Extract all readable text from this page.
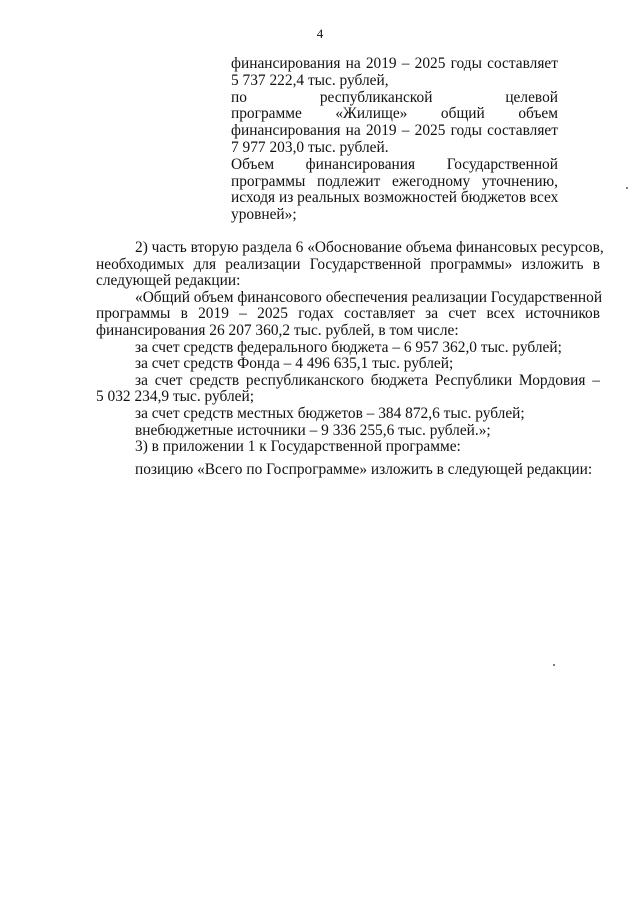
4
финансирования на 2019 – 2025 годы составляет
5 737 222,4 тыс. рублей,
по республиканской целевой
программе «Жилище» общий объем
финансирования на 2019 – 2025 годы составляет
7 977 203,0 тыс. рублей.
Объем финансирования Государственной
программы подлежит ежегодному уточнению,
исходя из реальных возможностей бюджетов всех
уровней»;
2) часть вторую раздела 6 «Обоснование объема финансовых ресурсов,
необходимых для реализации Государственной программы» изложить в
следующей редакции:
«Общий объем финансового обеспечения реализации Государственной
программы в 2019 – 2025 годах составляет за счет всех источников
финансирования 26 207 360,2 тыс. рублей, в том числе:
за счет средств федерального бюджета – 6 957 362,0 тыс. рублей;
за счет средств Фонда – 4 496 635,1 тыс. рублей;
за счет средств республиканского бюджета Республики Мордовия –
5 032 234,9 тыс. рублей;
за счет средств местных бюджетов – 384 872,6 тыс. рублей;
внебюджетные источники – 9 336 255,6 тыс. рублей.»;
3) в приложении 1 к Государственной программе:
позицию «Всего по Госпрограмме» изложить в следующей редакции:
